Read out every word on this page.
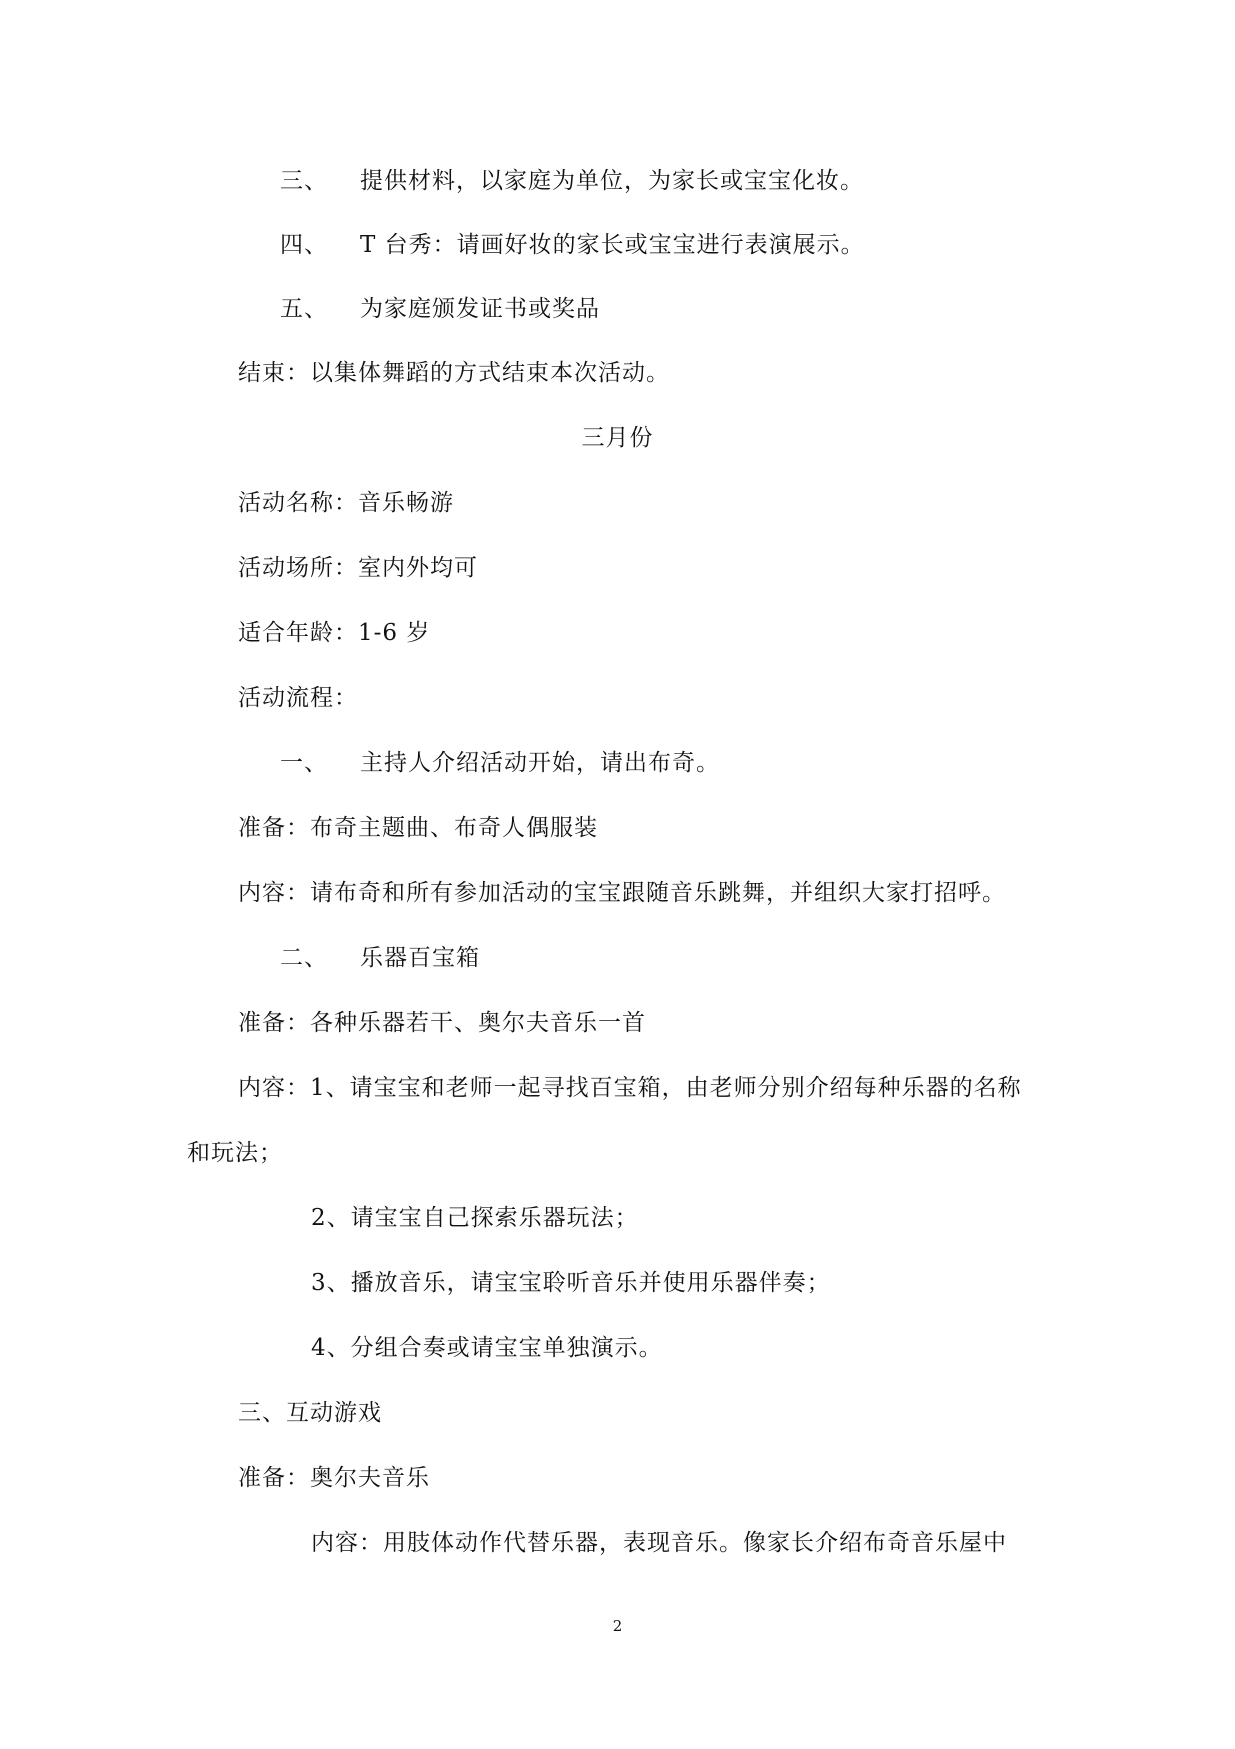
三、 提供材料，以家庭为单位，为家长或宝宝化妆。
四、 T 台秀：请画好妆的家长或宝宝进行表演展示。
五、 为家庭颁发证书或奖品
结束：以集体舞蹈的方式结束本次活动。
三月份
活动名称：音乐畅游
活动场所：室内外均可
适合年龄：1-6 岁
活动流程：
一、 主持人介绍活动开始，请出布奇。
准备：布奇主题曲、布奇人偶服装
内容：请布奇和所有参加活动的宝宝跟随音乐跳舞，并组织大家打招呼。
二、 乐器百宝箱
准备：各种乐器若干、奥尔夫音乐一首
内容：1、请宝宝和老师一起寻找百宝箱，由老师分别介绍每种乐器的名称
和玩法；
2、请宝宝自己探索乐器玩法；
3、播放音乐，请宝宝聆听音乐并使用乐器伴奏；
4、分组合奏或请宝宝单独演示。
三、互动游戏
准备：奥尔夫音乐
内容：用肢体动作代替乐器，表现音乐。像家长介绍布奇音乐屋中
2
